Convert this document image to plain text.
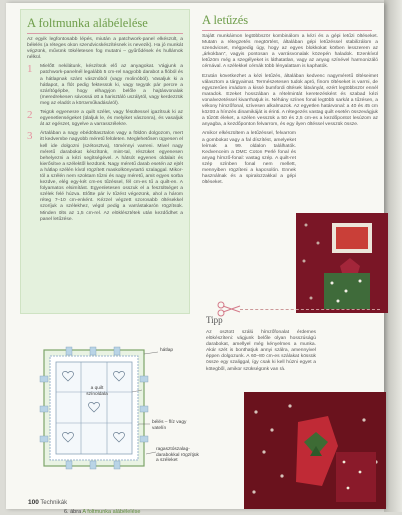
A foltmunka alábélelése

Az egyik legfontosabb lépés, miután a patchwork-panel elkészült, a bélelés (a réteges okon szendvicskészítésnek is nevezik). Ha jó munkát végzünk, művünk tökéletesen fog mutatni – gyűrődések és hullámok nélkül.

1 Mielőtt nekilátunk, készítsük elő az anyagokat. Vágjunk a patchwork-panelnél legalább 5 cm-rel nagyobb darabot a flóból és a hátlapnak szánt vásznóból (vagy molinóból). Vasaljuk ki a hátlapot, a flót pedig fektessük ki, vagy tegyük pár percre a szárítógépbe, hogy elhagyjon belőle a hajtásvonalak (meredrekesen sávossá ott a harisztáló uszálytól, vagy kerdezzük meg az eladót a körüvműkadásáról).

2 Teigük egyenesre a quilt szélet, vagy fésültessel igazítsuk ki az egyenetlenségeket (ülaljuk le, és melyiket vászonra), és vasaljuk át az egészet, ügyelve a varrasszélekre.

3 Ártalában a nagy ebédöltasztalon vagy a földön dolgozom, mert itt kedvembe nagyobb méretű felületen. Meglehetősen ügyesen el kell ide dolgozni (szétosztva), töménnyi varreni. Mivel nagy méretű darabokat készítünk, mint-tal, részüket egyenesen behelyezni a kézi segítségével. A hátsót egyenes oldalait és kierősítve a szélektől kezdünk. Nagy méretű darab esetén az ejtét a hátlap szélén kívül rögzített maskolkönyvtartó szalaggal. Mikor-tól a szélén nem szoktam tűzni és nagy méretű, amit egyes sorba kezdve, elég egy-két cm-es tűzéssel, fél cm-es tű a quilt-en. A folyamatos elsimítást. Egyenletesen osszuk el a feszültséget a szélek felé húzva. Előtte pár ív tűzést végezünk, ahol a három réteg 7–10 cm-enként. Kézzel végzett szorosabb öltésekkel szoríjuk a szélekhez, végül pedig a varrástakarón rögzítsük. Minden ölts az 1,5 cm-rel. Az elöklésztétek után kezdődhet a panel letűzése.

hátlap
a quilt színoldala
bélés – flíz vagy vatelín
ragasztószalag-darabokkal rögzítjük a széleket
6. ábra A foltmunka alábélelése
100 Technikák
A letűzés

Sajátt munkáimon legtöbbször kombinálom a kézi és a gépi letűzi öltéseket. Mutatn a rétegzetés megtörtént, általában gépi letűzéssel stabilizálom a szendvicset, mégpedig úgy, hogy az egyes blokkokat körben lesszerem az „árkokban”, vagyis pontosan a varrásvonalak közepén haladok. Ezenkívül letűzöm még a szegélyeket is láthatatlan, vagy az anyag színével harmonizáló cérnával. A szélekkel cérnák több lényalattam is kaphatók.

Ezután következhet a kézi letűzés, általában kedvenc nagyméretű öltéseimet választom a tárgyaimat. Természetesen tudok apró, finom öltéseket is varrni, de egyszerűen imádom a kissé bumfordi öltések látványát, ezért legtöbbször ennél maradok. Ezeket hosszában a rételmintát keretezésként és szabad kézi vonalvezetéssel kivarrhatjuk is. Néhány színes fonal legtöbb sarkát a tűzésen, a vékony hímzőfonal, szívesen alkalmazok. Az egyetlen határvonal: a 40 és 45 cm között a hímzés dinamikáját is érinti. A rétegezés vastag quilt esetén összevágjuk a tűzött éleket, a szélen vesszük a 50 és 2,5 cm-es a kezdőpontot lesúzom az anyagba, a kezdőponton felvarrom, és egy ilyen öltéssel vesszük össze.

Amikor elkészültem a letűzéssel, felvarrom a gombokat vagy a fal díszítést, amelyeket leírnak a 99. oldalon találhatók. Kedvenceim a DMC Coton Perlé fonal és anyag hímző-fonal: vastag szép. A quilt-ret szép színben fonal nem mellett, mennyiben rögzíteni a kapcsolón. Ennek használnak és a spiralozzakkal a gépi öltéseket.

Tipp
Az osztott szálú hímzőfonalat érdemes elökészíteni: vágjunk belőle olyan hosszúságú darabokat, amellyel még kényelmes a munka. Akár szét is bonthatjuk annyi szálra, amennyivel éppen dolgozunk. A 60–80 cm-es szálakat kössük össze egy szaliggal, így csak ki kell húzni egyet a kötegből, amikor szükségünk van rá.
